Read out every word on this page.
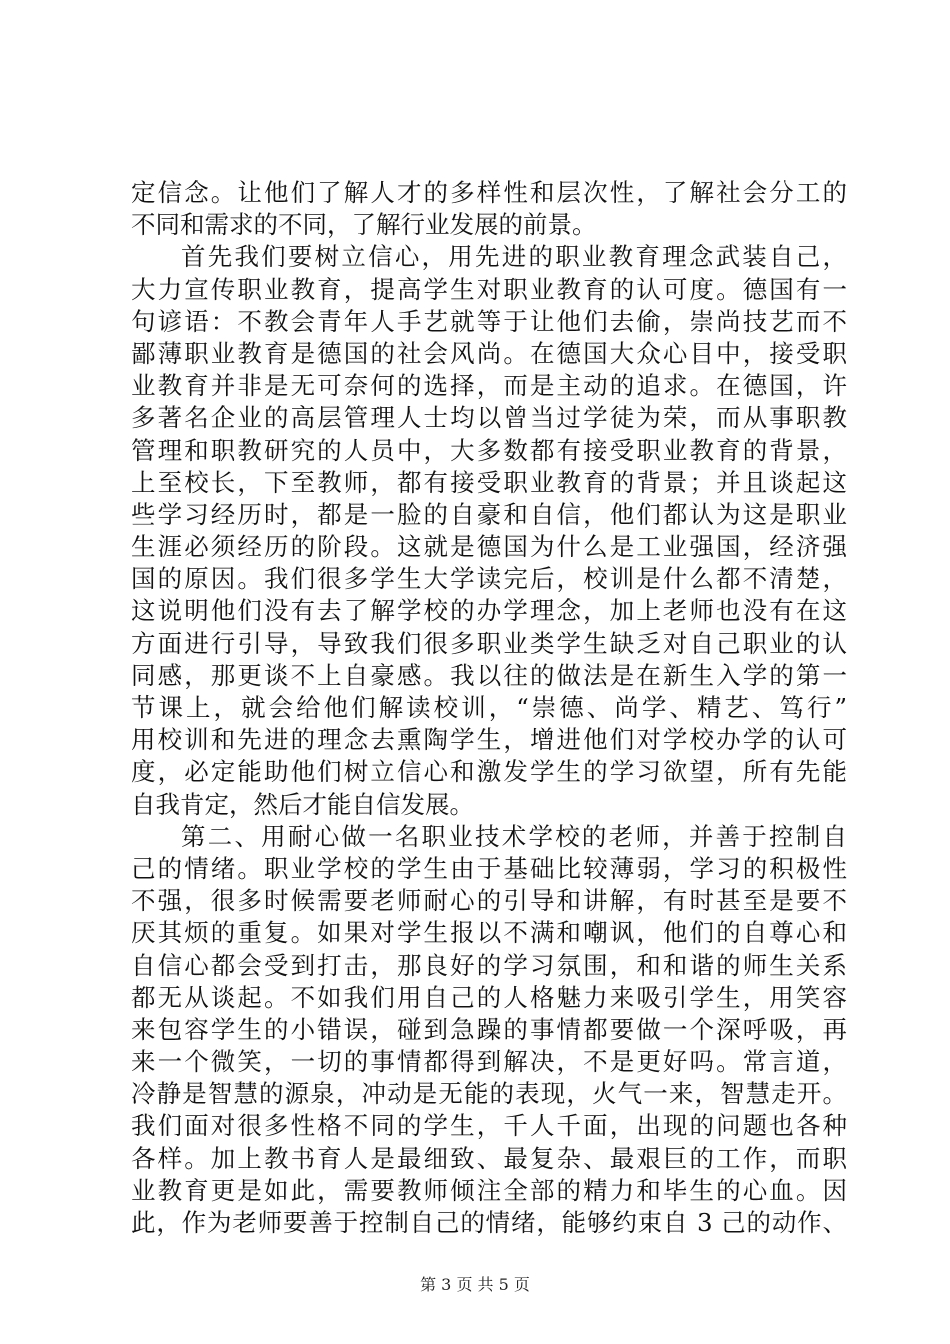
定信念。让他们了解人才的多样性和层次性，了解社会分工的
不同和需求的不同，了解行业发展的前景。
首先我们要树立信心，用先进的职业教育理念武装自己，
大力宣传职业教育，提高学生对职业教育的认可度。德国有一
句谚语：不教会青年人手艺就等于让他们去偷，崇尚技艺而不
鄙薄职业教育是德国的社会风尚。在德国大众心目中，接受职
业教育并非是无可奈何的选择，而是主动的追求。在德国，许
多著名企业的高层管理人士均以曾当过学徒为荣，而从事职教
管理和职教研究的人员中，大多数都有接受职业教育的背景，
上至校长，下至教师，都有接受职业教育的背景；并且谈起这
些学习经历时，都是一脸的自豪和自信，他们都认为这是职业
生涯必须经历的阶段。这就是德国为什么是工业强国，经济强
国的原因。我们很多学生大学读完后，校训是什么都不清楚，
这说明他们没有去了解学校的办学理念，加上老师也没有在这
方面进行引导，导致我们很多职业类学生缺乏对自己职业的认
同感，那更谈不上自豪感。我以往的做法是在新生入学的第一
节课上，就会给他们解读校训，“崇德、尚学、精艺、笃行”
用校训和先进的理念去熏陶学生，增进他们对学校办学的认可
度，必定能助他们树立信心和激发学生的学习欲望，所有先能
自我肯定，然后才能自信发展。
第二、用耐心做一名职业技术学校的老师，并善于控制自
己的情绪。职业学校的学生由于基础比较薄弱，学习的积极性
不强，很多时候需要老师耐心的引导和讲解，有时甚至是要不
厌其烦的重复。如果对学生报以不满和嘲讽，他们的自尊心和
自信心都会受到打击，那良好的学习氛围，和和谐的师生关系
都无从谈起。不如我们用自己的人格魅力来吸引学生，用笑容
来包容学生的小错误，碰到急躁的事情都要做一个深呼吸，再
来一个微笑，一切的事情都得到解决，不是更好吗。常言道，
冷静是智慧的源泉，冲动是无能的表现，火气一来，智慧走开。
我们面对很多性格不同的学生，千人千面，出现的问题也各种
各样。加上教书育人是最细致、最复杂、最艰巨的工作，而职
业教育更是如此，需要教师倾注全部的精力和毕生的心血。因
此，作为老师要善于控制自己的情绪，能够约束自 3 己的动作、
第 3 页 共 5 页
